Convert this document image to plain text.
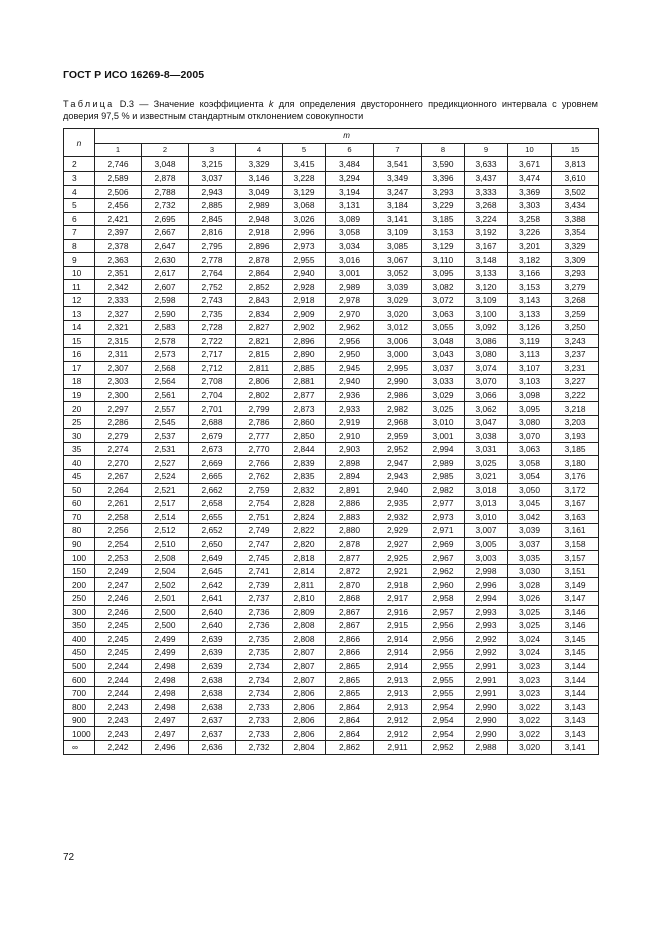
ГОСТ Р ИСО 16269-8—2005
Таблица D.3 — Значение коэффициента k для определения двустороннего предикционного интервала с уровнем доверия 97,5 % и известным стандартным отклонением совокупности
n	m										
	1	2	3	4	5	6	7	8	9	10	15
2	2,746	3,048	3,215	3,329	3,415	3,484	3,541	3,590	3,633	3,671	3,813
3	2,589	2,878	3,037	3,146	3,228	3,294	3,349	3,396	3,437	3,474	3,610
4	2,506	2,788	2,943	3,049	3,129	3,194	3,247	3,293	3,333	3,369	3,502
5	2,456	2,732	2,885	2,989	3,068	3,131	3,184	3,229	3,268	3,303	3,434
6	2,421	2,695	2,845	2,948	3,026	3,089	3,141	3,185	3,224	3,258	3,388
7	2,397	2,667	2,816	2,918	2,996	3,058	3,109	3,153	3,192	3,226	3,354
8	2,378	2,647	2,795	2,896	2,973	3,034	3,085	3,129	3,167	3,201	3,329
9	2,363	2,630	2,778	2,878	2,955	3,016	3,067	3,110	3,148	3,182	3,309
10	2,351	2,617	2,764	2,864	2,940	3,001	3,052	3,095	3,133	3,166	3,293
11	2,342	2,607	2,752	2,852	2,928	2,989	3,039	3,082	3,120	3,153	3,279
12	2,333	2,598	2,743	2,843	2,918	2,978	3,029	3,072	3,109	3,143	3,268
13	2,327	2,590	2,735	2,834	2,909	2,970	3,020	3,063	3,100	3,133	3,259
14	2,321	2,583	2,728	2,827	2,902	2,962	3,012	3,055	3,092	3,126	3,250
15	2,315	2,578	2,722	2,821	2,896	2,956	3,006	3,048	3,086	3,119	3,243
16	2,311	2,573	2,717	2,815	2,890	2,950	3,000	3,043	3,080	3,113	3,237
17	2,307	2,568	2,712	2,811	2,885	2,945	2,995	3,037	3,074	3,107	3,231
18	2,303	2,564	2,708	2,806	2,881	2,940	2,990	3,033	3,070	3,103	3,227
19	2,300	2,561	2,704	2,802	2,877	2,936	2,986	3,029	3,066	3,098	3,222
20	2,297	2,557	2,701	2,799	2,873	2,933	2,982	3,025	3,062	3,095	3,218
25	2,286	2,545	2,688	2,786	2,860	2,919	2,968	3,010	3,047	3,080	3,203
30	2,279	2,537	2,679	2,777	2,850	2,910	2,959	3,001	3,038	3,070	3,193
35	2,274	2,531	2,673	2,770	2,844	2,903	2,952	2,994	3,031	3,063	3,185
40	2,270	2,527	2,669	2,766	2,839	2,898	2,947	2,989	3,025	3,058	3,180
45	2,267	2,524	2,665	2,762	2,835	2,894	2,943	2,985	3,021	3,054	3,176
50	2,264	2,521	2,662	2,759	2,832	2,891	2,940	2,982	3,018	3,050	3,172
60	2,261	2,517	2,658	2,754	2,828	2,886	2,935	2,977	3,013	3,045	3,167
70	2,258	2,514	2,655	2,751	2,824	2,883	2,932	2,973	3,010	3,042	3,163
80	2,256	2,512	2,652	2,749	2,822	2,880	2,929	2,971	3,007	3,039	3,161
90	2,254	2,510	2,650	2,747	2,820	2,878	2,927	2,969	3,005	3,037	3,158
100	2,253	2,508	2,649	2,745	2,818	2,877	2,925	2,967	3,003	3,035	3,157
150	2,249	2,504	2,645	2,741	2,814	2,872	2,921	2,962	2,998	3,030	3,151
200	2,247	2,502	2,642	2,739	2,811	2,870	2,918	2,960	2,996	3,028	3,149
250	2,246	2,501	2,641	2,737	2,810	2,868	2,917	2,958	2,994	3,026	3,147
300	2,246	2,500	2,640	2,736	2,809	2,867	2,916	2,957	2,993	3,025	3,146
350	2,245	2,500	2,640	2,736	2,808	2,867	2,915	2,956	2,993	3,025	3,146
400	2,245	2,499	2,639	2,735	2,808	2,866	2,914	2,956	2,992	3,024	3,145
450	2,245	2,499	2,639	2,735	2,807	2,866	2,914	2,956	2,992	3,024	3,145
500	2,244	2,498	2,639	2,734	2,807	2,865	2,914	2,955	2,991	3,023	3,144
600	2,244	2,498	2,638	2,734	2,807	2,865	2,913	2,955	2,991	3,023	3,144
700	2,244	2,498	2,638	2,734	2,806	2,865	2,913	2,955	2,991	3,023	3,144
800	2,243	2,498	2,638	2,733	2,806	2,864	2,913	2,954	2,990	3,022	3,143
900	2,243	2,497	2,637	2,733	2,806	2,864	2,912	2,954	2,990	3,022	3,143
1000	2,243	2,497	2,637	2,733	2,806	2,864	2,912	2,954	2,990	3,022	3,143
∞	2,242	2,496	2,636	2,732	2,804	2,862	2,911	2,952	2,988	3,020	3,141
72
